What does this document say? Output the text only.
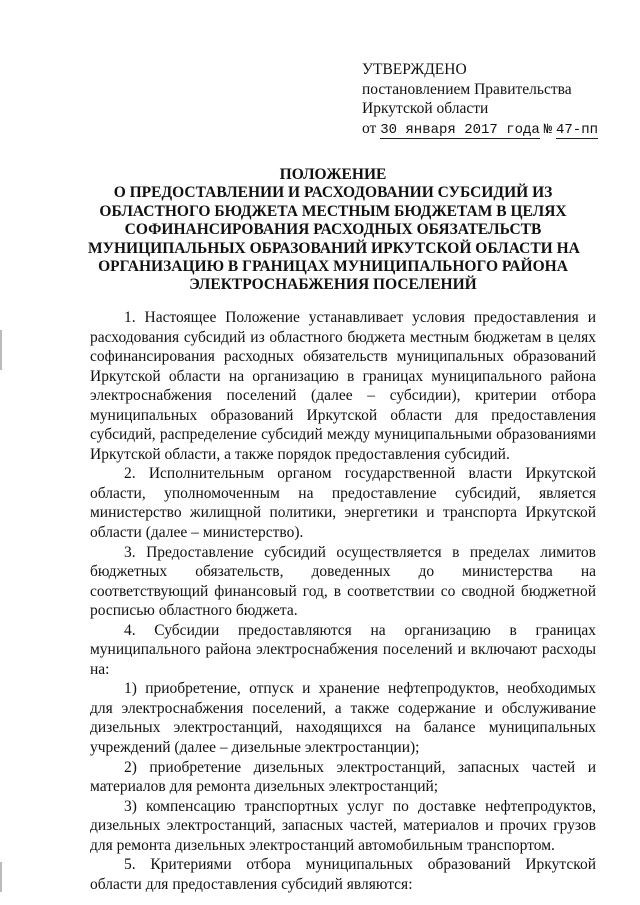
УТВЕРЖДЕНО
постановлением Правительства
Иркутской области
от 30 января 2017 года № 47-пп
ПОЛОЖЕНИЕ
О ПРЕДОСТАВЛЕНИИ И РАСХОДОВАНИИ СУБСИДИЙ ИЗ
ОБЛАСТНОГО БЮДЖЕТА МЕСТНЫМ БЮДЖЕТАМ В ЦЕЛЯХ
СОФИНАНСИРОВАНИЯ РАСХОДНЫХ ОБЯЗАТЕЛЬСТВ
МУНИЦИПАЛЬНЫХ ОБРАЗОВАНИЙ ИРКУТСКОЙ ОБЛАСТИ НА
ОРГАНИЗАЦИЮ В ГРАНИЦАХ МУНИЦИПАЛЬНОГО РАЙОНА
ЭЛЕКТРОСНАБЖЕНИЯ ПОСЕЛЕНИЙ

1. Настоящее Положение устанавливает условия предоставления и расходования субсидий из областного бюджета местным бюджетам в целях софинансирования расходных обязательств муниципальных образований Иркутской области на организацию в границах муниципального района электроснабжения поселений (далее – субсидии), критерии отбора муниципальных образований Иркутской области для предоставления субсидий, распределение субсидий между муниципальными образованиями Иркутской области, а также порядок предоставления субсидий.

2. Исполнительным органом государственной власти Иркутской области, уполномоченным на предоставление субсидий, является министерство жилищной политики, энергетики и транспорта Иркутской области (далее – министерство).

3. Предоставление субсидий осуществляется в пределах лимитов бюджетных обязательств, доведенных до министерства на соответствующий финансовый год, в соответствии со сводной бюджетной росписью областного бюджета.

4. Субсидии предоставляются на организацию в границах муниципального района электроснабжения поселений и включают расходы на:

1) приобретение, отпуск и хранение нефтепродуктов, необходимых для электроснабжения поселений, а также содержание и обслуживание дизельных электростанций, находящихся на балансе муниципальных учреждений (далее – дизельные электростанции);

2) приобретение дизельных электростанций, запасных частей и материалов для ремонта дизельных электростанций;

3) компенсацию транспортных услуг по доставке нефтепродуктов, дизельных электростанций, запасных частей, материалов и прочих грузов для ремонта дизельных электростанций автомобильным транспортом.

5. Критериями отбора муниципальных образований Иркутской области для предоставления субсидий являются:
